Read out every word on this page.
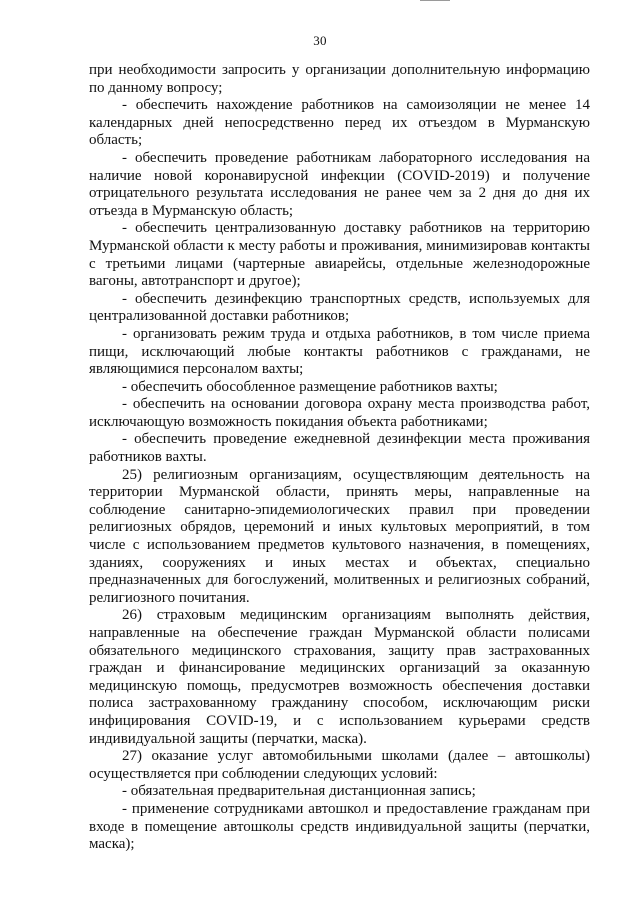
30

при необходимости запросить у организации дополнительную информацию по данному вопросу;

- обеспечить нахождение работников на самоизоляции не менее 14 календарных дней непосредственно перед их отъездом в Мурманскую область;

- обеспечить проведение работникам лабораторного исследования на наличие новой коронавирусной инфекции (COVID-2019) и получение отрицательного результата исследования не ранее чем за 2 дня до дня их отъезда в Мурманскую область;

- обеспечить централизованную доставку работников на территорию Мурманской области к месту работы и проживания, минимизировав контакты с третьими лицами (чартерные авиарейсы, отдельные железнодорожные вагоны, автотранспорт и другое);

- обеспечить дезинфекцию транспортных средств, используемых для централизованной доставки работников;

- организовать режим труда и отдыха работников, в том числе приема пищи, исключающий любые контакты работников с гражданами, не являющимися персоналом вахты;

- обеспечить обособленное размещение работников вахты;

- обеспечить на основании договора охрану места производства работ, исключающую возможность покидания объекта работниками;

- обеспечить проведение ежедневной дезинфекции места проживания работников вахты.

25) религиозным организациям, осуществляющим деятельность на территории Мурманской области, принять меры, направленные на соблюдение санитарно-эпидемиологических правил при проведении религиозных обрядов, церемоний и иных культовых мероприятий, в том числе с использованием предметов культового назначения, в помещениях, зданиях, сооружениях и иных местах и объектах, специально предназначенных для богослужений, молитвенных и религиозных собраний, религиозного почитания.

26) страховым медицинским организациям выполнять действия, направленные на обеспечение граждан Мурманской области полисами обязательного медицинского страхования, защиту прав застрахованных граждан и финансирование медицинских организаций за оказанную медицинскую помощь, предусмотрев возможность обеспечения доставки полиса застрахованному гражданину способом, исключающим риски инфицирования COVID-19, и с использованием курьерами средств индивидуальной защиты (перчатки, маска).

27) оказание услуг автомобильными школами (далее – автошколы) осуществляется при соблюдении следующих условий:

- обязательная предварительная дистанционная запись;

- применение сотрудниками автошкол и предоставление гражданам при входе в помещение автошколы средств индивидуальной защиты (перчатки, маска);
